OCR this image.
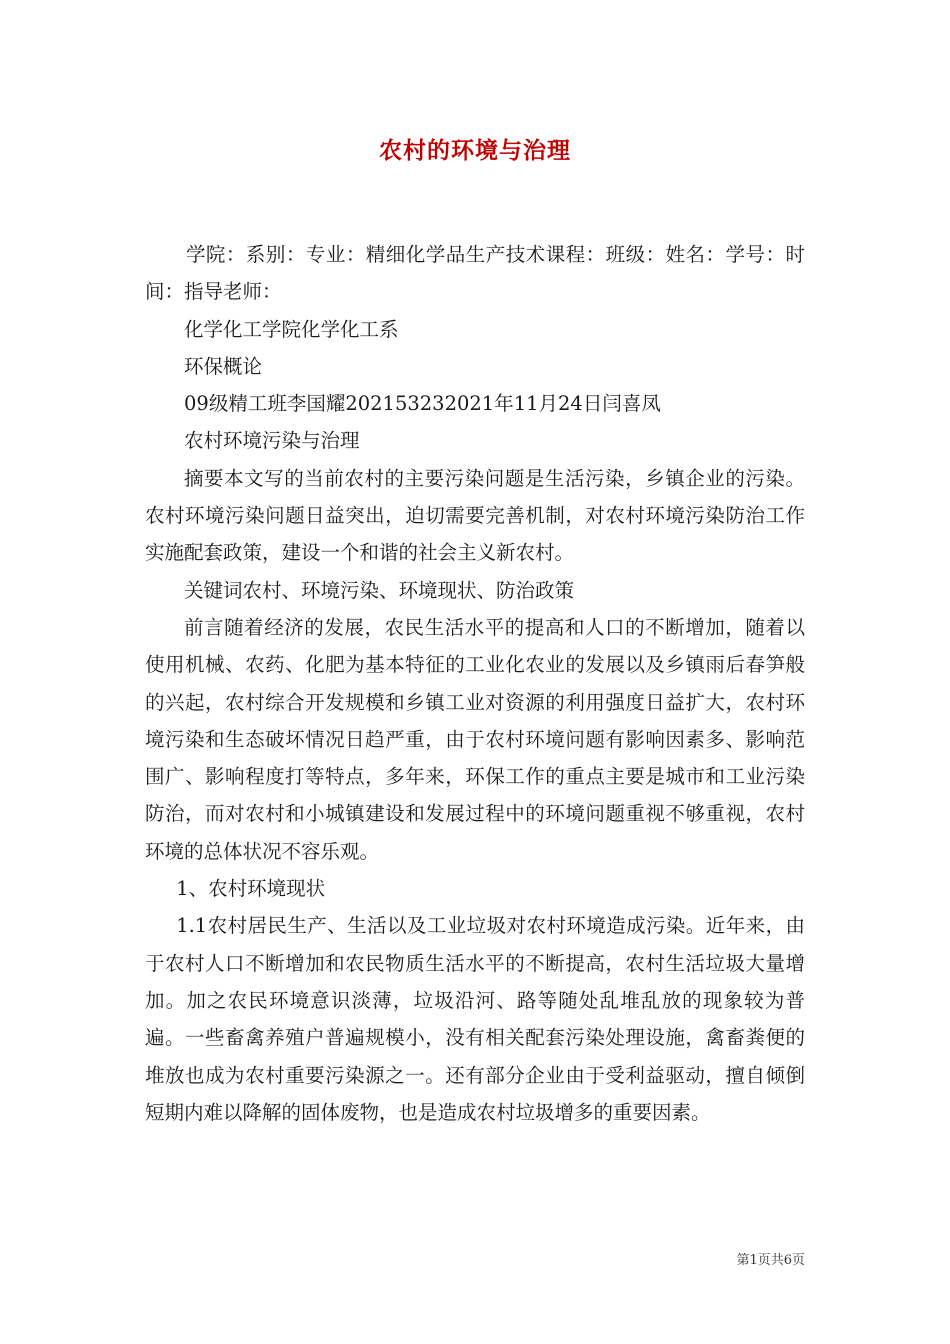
农村的环境与治理

学院：系别：专业：精细化学品生产技术课程：班级：姓名：学号：时间：指导老师：

化学化工学院化学化工系

环保概论

09级精工班李国耀202153232021年11月24日闫喜凤

农村环境污染与治理

摘要本文写的当前农村的主要污染问题是生活污染，乡镇企业的污染。农村环境污染问题日益突出，迫切需要完善机制，对农村环境污染防治工作实施配套政策，建设一个和谐的社会主义新农村。

关键词农村、环境污染、环境现状、防治政策

前言随着经济的发展，农民生活水平的提高和人口的不断增加，随着以使用机械、农药、化肥为基本特征的工业化农业的发展以及乡镇雨后春笋般的兴起，农村综合开发规模和乡镇工业对资源的利用强度日益扩大，农村环境污染和生态破坏情况日趋严重，由于农村环境问题有影响因素多、影响范围广、影响程度打等特点，多年来，环保工作的重点主要是城市和工业污染防治，而对农村和小城镇建设和发展过程中的环境问题重视不够重视，农村环境的总体状况不容乐观。

1、农村环境现状

1.1农村居民生产、生活以及工业垃圾对农村环境造成污染。近年来，由于农村人口不断增加和农民物质生活水平的不断提高，农村生活垃圾大量增加。加之农民环境意识淡薄，垃圾沿河、路等随处乱堆乱放的现象较为普遍。一些畜禽养殖户普遍规模小，没有相关配套污染处理设施，禽畜粪便的堆放也成为农村重要污染源之一。还有部分企业由于受利益驱动，擅自倾倒短期内难以降解的固体废物，也是造成农村垃圾增多的重要因素。

第1页共6页
